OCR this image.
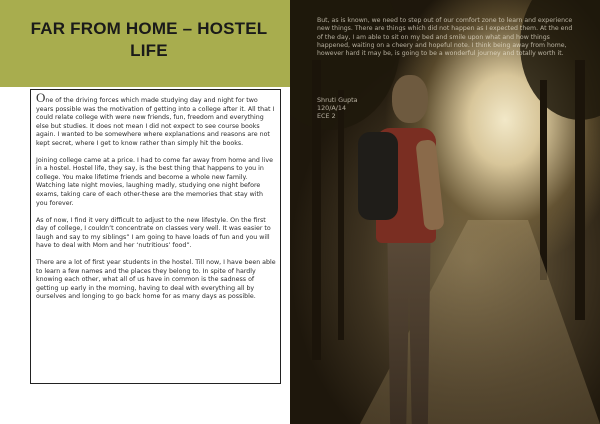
FAR FROM HOME – HOSTEL LIFE

One of the driving forces which made studying day and night for two years possible was the motivation of getting into a college after it. All that I could relate college with were new friends, fun, freedom and everything else but studies. It does not mean I did not expect to see course books again. I wanted to be somewhere where explanations and reasons are not kept secret, where I get to know rather than simply hit the books.

Joining college came at a price. I had to come far away from home and live in a hostel. Hostel life, they say, is the best thing that happens to you in college. You make lifetime friends and become a whole new family. Watching late night movies, laughing madly, studying one night before exams, taking care of each other-these are the memories that stay with you forever.

As of now, I find it very difficult to adjust to the new lifestyle. On the first day of college, I couldn’t concentrate on classes very well. It was easier to laugh and say to my siblings” I am going to have loads of fun and you will have to deal with Mom and her ‘nutritious’ food”.

There are a lot of first year students in the hostel. Till now, I have been able to learn a few names and the places they belong to. In spite of hardly knowing each other, what all of us have in common is the sadness of getting up early in the morning, having to deal with everything all by ourselves and longing to go back home for as many days as possible.

But, as is known, we need to step out of our comfort zone to learn and experience new things. There are things which did not happen as I expected them. At the end of the day, I am able to sit on my bed and smile upon what and how things happened, waiting on a cheery and hopeful note. I think being away from home, however hard it may be, is going to be a wonderful journey and totally worth it.
Shruti Gupta
120/A/14
ECE 2
